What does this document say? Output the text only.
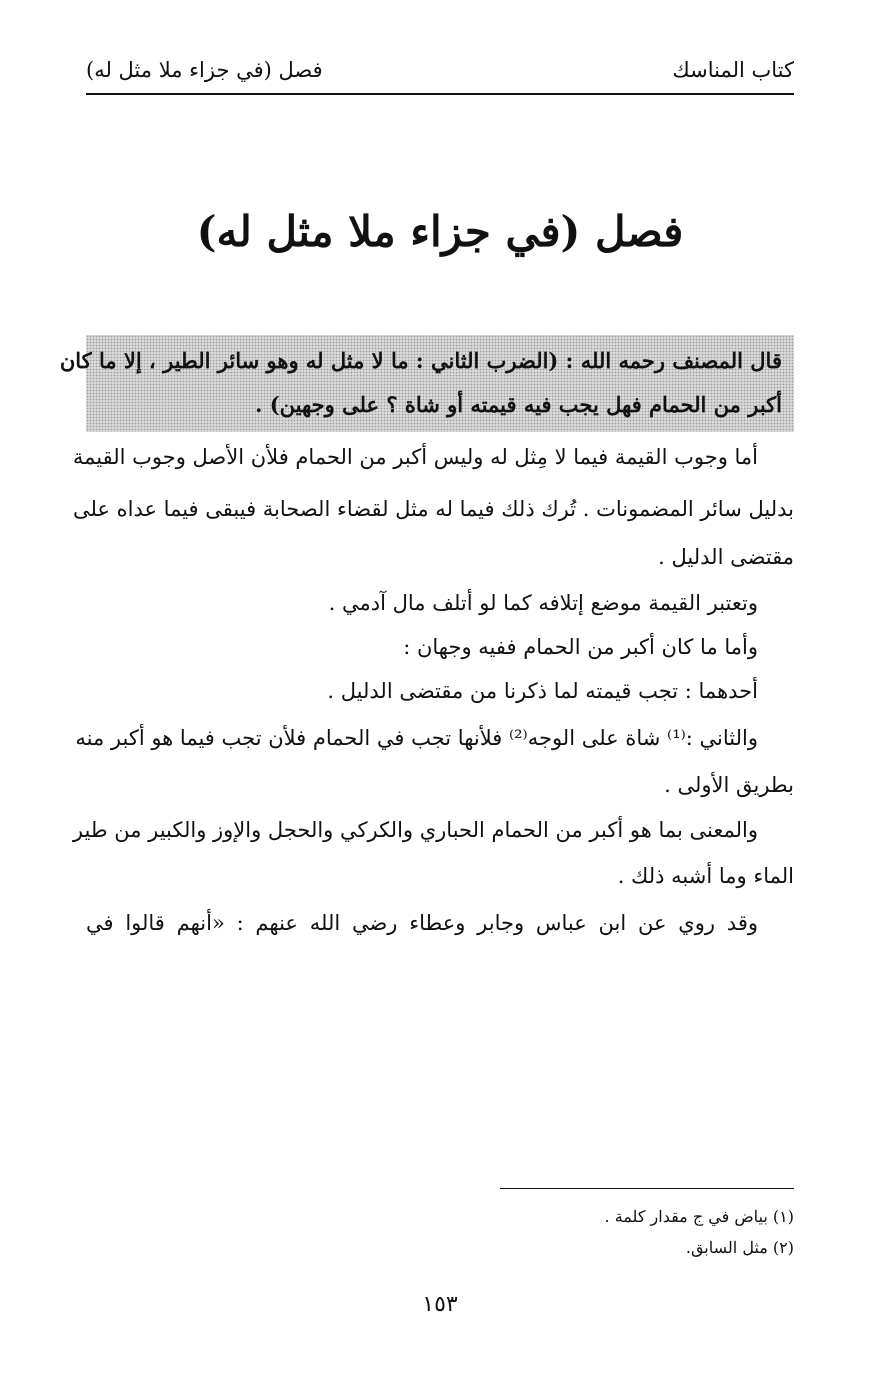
كتاب المناسك
فصل (في جزاء ملا مثل له)
فصل (في جزاء ملا مثل له)
قال المصنف رحمه الله : (الضرب الثاني : ما لا مثل له وهو سائر الطير ، إلا ما كان
أكبر من الحمام فهل يجب فيه قيمته أو شاة ؟ على وجهين) .
أما وجوب القيمة فيما لا مِثل له وليس أكبر من الحمام فلأن الأصل وجوب القيمة
بدليل سائر المضمونات . تُرك ذلك فيما له مثل لقضاء الصحابة فيبقى فيما عداه على
مقتضى الدليل .
وتعتبر القيمة موضع إتلافه كما لو أتلف مال آدمي .
وأما ما كان أكبر من الحمام ففيه وجهان :
أحدهما : تجب قيمته لما ذكرنا من مقتضى الدليل .
والثاني :⁽¹⁾ شاة على الوجه⁽²⁾ فلأنها تجب في الحمام فلأن تجب فيما هو أكبر منه
بطريق الأولى .
والمعنى بما هو أكبر من الحمام الحباري والكركي والحجل والإوز والكبير من طير
الماء وما أشبه ذلك .
وقد روي عن ابن عباس وجابر وعطاء رضي الله عنهم : «أنهم قالوا في
(١) بياض في ج مقدار كلمة .
(٢) مثل السابق.
١٥٣
